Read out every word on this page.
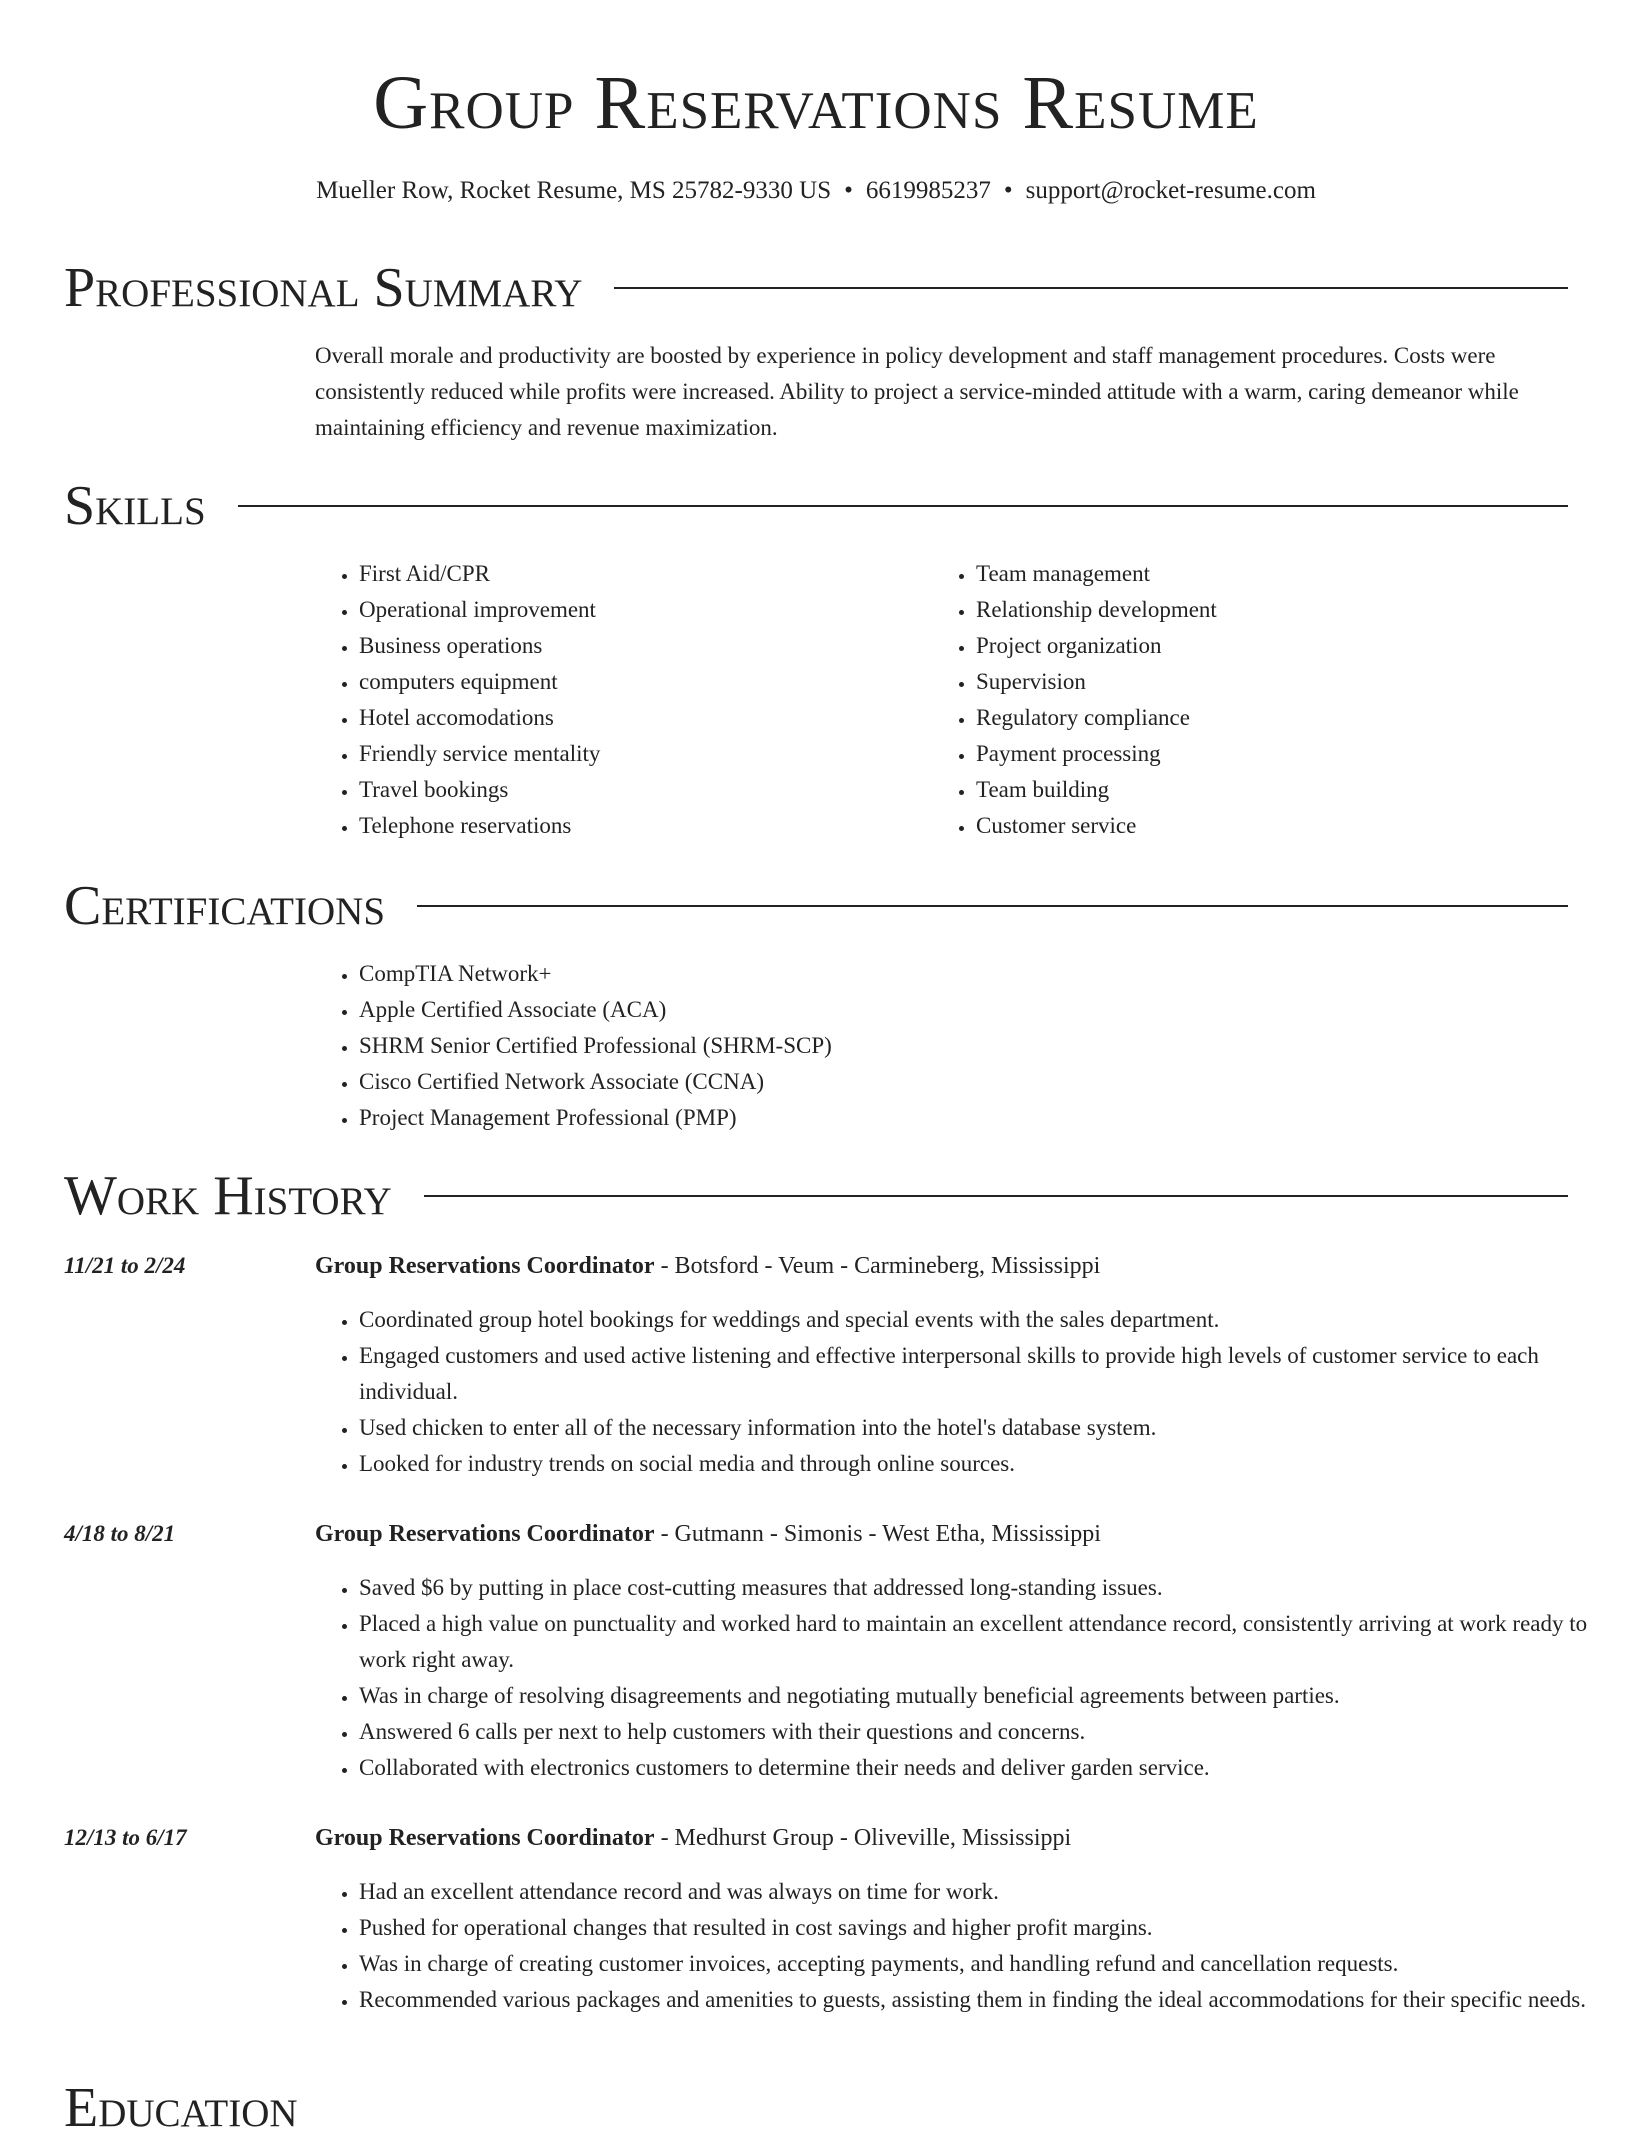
Group Reservations Resume
Mueller Row, Rocket Resume, MS 25782-9330 US • 6619985237 • support@rocket-resume.com
Professional Summary
Overall morale and productivity are boosted by experience in policy development and staff management procedures. Costs were consistently reduced while profits were increased. Ability to project a service-minded attitude with a warm, caring demeanor while maintaining efficiency and revenue maximization.
Skills
• First Aid/CPR
• Operational improvement
• Business operations
• computers equipment
• Hotel accomodations
• Friendly service mentality
• Travel bookings
• Telephone reservations
• Team management
• Relationship development
• Project organization
• Supervision
• Regulatory compliance
• Payment processing
• Team building
• Customer service
Certifications
• CompTIA Network+
• Apple Certified Associate (ACA)
• SHRM Senior Certified Professional (SHRM-SCP)
• Cisco Certified Network Associate (CCNA)
• Project Management Professional (PMP)
Work History
11/21 to 2/24	Group Reservations Coordinator - Botsford - Veum - Carmineberg, Mississippi
• Coordinated group hotel bookings for weddings and special events with the sales department.
• Engaged customers and used active listening and effective interpersonal skills to provide high levels of customer service to each individual.
• Used chicken to enter all of the necessary information into the hotel's database system.
• Looked for industry trends on social media and through online sources.
4/18 to 8/21	Group Reservations Coordinator - Gutmann - Simonis - West Etha, Mississippi
• Saved $6 by putting in place cost-cutting measures that addressed long-standing issues.
• Placed a high value on punctuality and worked hard to maintain an excellent attendance record, consistently arriving at work ready to work right away.
• Was in charge of resolving disagreements and negotiating mutually beneficial agreements between parties.
• Answered 6 calls per next to help customers with their questions and concerns.
• Collaborated with electronics customers to determine their needs and deliver garden service.
12/13 to 6/17	Group Reservations Coordinator - Medhurst Group - Oliveville, Mississippi
• Had an excellent attendance record and was always on time for work.
• Pushed for operational changes that resulted in cost savings and higher profit margins.
• Was in charge of creating customer invoices, accepting payments, and handling refund and cancellation requests.
• Recommended various packages and amenities to guests, assisting them in finding the ideal accommodations for their specific needs.
Education
